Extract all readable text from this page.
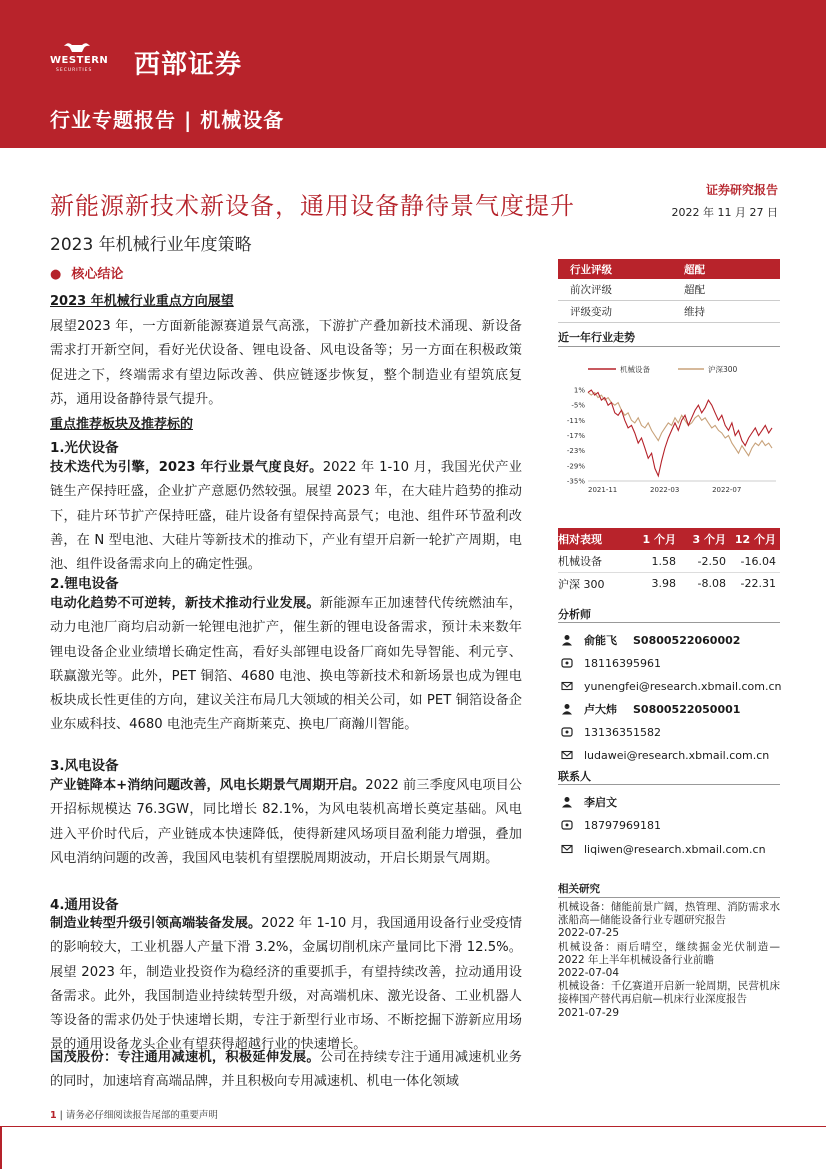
WESTERN
SECURITIES 西部证券
行业专题报告 | 机械设备
新能源新技术新设备，通用设备静待景气度提升
2023 年机械行业年度策略
证券研究报告
2022 年 11 月 27 日
● 核心结论
2023 年机械行业重点方向展望
展望2023 年，一方面新能源赛道景气高涨，下游扩产叠加新技术涌现、新设备需求打开新空间，看好光伏设备、锂电设备、风电设备等；另一方面在积极政策促进之下，终端需求有望边际改善、供应链逐步恢复，整个制造业有望筑底复苏，通用设备静待景气提升。
重点推荐板块及推荐标的
1.光伏设备
技术迭代为引擎，2023 年行业景气度良好。2022 年 1-10 月，我国光伏产业链生产保持旺盛，企业扩产意愿仍然较强。展望 2023 年，在大硅片趋势的推动下，硅片环节扩产保持旺盛，硅片设备有望保持高景气；电池、组件环节盈利改善，在 N 型电池、大硅片等新技术的推动下，产业有望开启新一轮扩产周期，电池、组件设备需求向上的确定性强。
2.锂电设备
电动化趋势不可逆转，新技术推动行业发展。新能源车正加速替代传统燃油车，动力电池厂商均启动新一轮锂电池扩产，催生新的锂电设备需求，预计未来数年锂电设备企业业绩增长确定性高，看好头部锂电设备厂商如先导智能、利元亨、联赢激光等。此外，PET 铜箔、4680 电池、换电等新技术和新场景也成为锂电板块成长性更佳的方向，建议关注布局几大领域的相关公司，如 PET 铜箔设备企业东威科技、4680 电池壳生产商斯莱克、换电厂商瀚川智能。
3.风电设备
产业链降本+消纳问题改善，风电长期景气周期开启。2022 前三季度风电项目公开招标规模达 76.3GW，同比增长 82.1%，为风电装机高增长奠定基础。风电进入平价时代后，产业链成本快速降低，使得新建风场项目盈利能力增强，叠加风电消纳问题的改善，我国风电装机有望摆脱周期波动，开启长期景气周期。
4.通用设备
制造业转型升级引领高端装备发展。2022 年 1-10 月，我国通用设备行业受疫情的影响较大，工业机器人产量下滑 3.2%，金属切削机床产量同比下滑 12.5%。展望 2023 年，制造业投资作为稳经济的重要抓手，有望持续改善，拉动通用设备需求。此外，我国制造业持续转型升级，对高端机床、激光设备、工业机器人等设备的需求仍处于快速增长期，专注于新型行业市场、不断挖掘下游新应用场景的通用设备龙头企业有望获得超越行业的快速增长。
国茂股份：专注通用减速机，积极延伸发展。公司在持续专注于通用减速机业务的同时，加速培育高端品牌，并且积极向专用减速机、机电一体化领域
行业评级	超配
前次评级	超配
评级变动	维持
近一年行业走势
机械设备	沪深300
1%
-5%
-11%
-17%
-23%
-29%
-35%
2021-11	2022-03	2022-07
相对表现	1 个月	3 个月 12 个月
机械设备	1.58	-2.50	-16.04
沪深 300	3.98	-8.08	-22.31
分析师
俞能飞 S0800522060002
18116395961
yunengfei@research.xbmail.com.cn
卢大炜 S0800522050001
13136351582
ludawei@research.xbmail.com.cn
联系人
李启文
18797969181
liqiwen@research.xbmail.com.cn
相关研究
机械设备：储能前景广阔，热管理、消防需求水涨船高—储能设备行业专题研究报告
2022-07-25
机械设备：雨后晴空，继续掘金光伏制造—2022 年上半年机械设备行业前瞻
2022-07-04
机械设备：千亿赛道开启新一轮周期，民营机床接棒国产替代再启航—机床行业深度报告
2021-07-29
1 | 请务必仔细阅读报告尾部的重要声明
